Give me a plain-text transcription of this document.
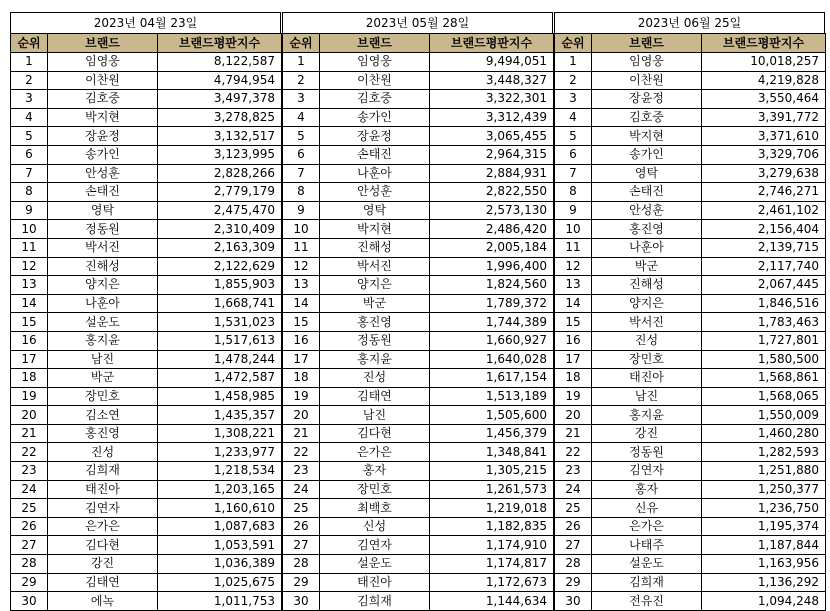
2023년 04월 23일
순위	브랜드	브랜드평판지수
1	임영웅	8,122,587
2	이찬원	4,794,954
3	김호중	3,497,378
4	박지현	3,278,825
5	장윤정	3,132,517
6	송가인	3,123,995
7	안성훈	2,828,266
8	손태진	2,779,179
9	영탁	2,475,470
10	정동원	2,310,409
11	박서진	2,163,309
12	진해성	2,122,629
13	양지은	1,855,903
14	나훈아	1,668,741
15	설운도	1,531,023
16	홍지윤	1,517,613
17	남진	1,478,244
18	박군	1,472,587
19	장민호	1,458,985
20	김소연	1,435,357
21	홍진영	1,308,221
22	진성	1,233,977
23	김희재	1,218,534
24	태진아	1,203,165
25	김연자	1,160,610
26	은가은	1,087,683
27	김다현	1,053,591
28	강진	1,036,389
29	김태연	1,025,675
30	에녹	1,011,753
2023년 05월 28일
순위	브랜드	브랜드평판지수
1	임영웅	9,494,051
2	이찬원	3,448,327
3	김호중	3,322,301
4	송가인	3,312,439
5	장윤정	3,065,455
6	손태진	2,964,315
7	나훈아	2,884,931
8	안성훈	2,822,550
9	영탁	2,573,130
10	박지현	2,486,420
11	진해성	2,005,184
12	박서진	1,996,400
13	양지은	1,824,560
14	박군	1,789,372
15	홍진영	1,744,389
16	정동원	1,660,927
17	홍지윤	1,640,028
18	진성	1,617,154
19	김태연	1,513,189
20	남진	1,505,600
21	김다현	1,456,379
22	은가은	1,348,841
23	홍자	1,305,215
24	장민호	1,261,573
25	최백호	1,219,018
26	신성	1,182,835
27	김연자	1,174,910
28	설운도	1,174,817
29	태진아	1,172,673
30	김희재	1,144,634
2023년 06월 25일
순위	브랜드	브랜드평판지수
1	임영웅	10,018,257
2	이찬원	4,219,828
3	장윤정	3,550,464
4	김호중	3,391,772
5	박지현	3,371,610
6	송가인	3,329,706
7	영탁	3,279,638
8	손태진	2,746,271
9	안성훈	2,461,102
10	홍진영	2,156,404
11	나훈아	2,139,715
12	박군	2,117,740
13	진해성	2,067,445
14	양지은	1,846,516
15	박서진	1,783,463
16	진성	1,727,801
17	장민호	1,580,500
18	태진아	1,568,861
19	남진	1,568,065
20	홍지윤	1,550,009
21	강진	1,460,280
22	정동원	1,282,593
23	김연자	1,251,880
24	홍자	1,250,377
25	신유	1,236,750
26	은가은	1,195,374
27	나태주	1,187,844
28	설운도	1,163,956
29	김희재	1,136,292
30	전유진	1,094,248
